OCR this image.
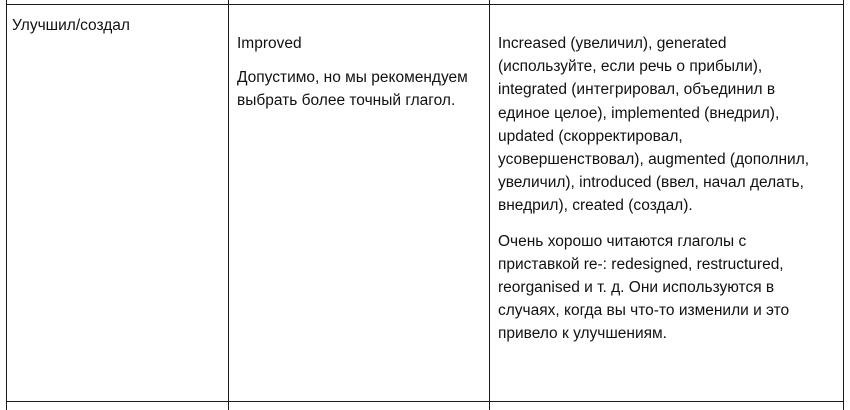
Улучшил/создал

Improved

Допустимо, но мы рекомендуем выбрать более точный глагол.

Increased (увеличил), generated (используйте, если речь о прибыли), integrated (интегрировал, объединил в единое целое), implemented (внедрил), updated (скорректировал, усовершенствовал), augmented (дополнил, увеличил), introduced (ввел, начал делать, внедрил), created (создал).

Очень хорошо читаются глаголы с приставкой re-: redesigned, restructured, reorganised и т. д. Они используются в случаях, когда вы что-то изменили и это привело к улучшениям.
